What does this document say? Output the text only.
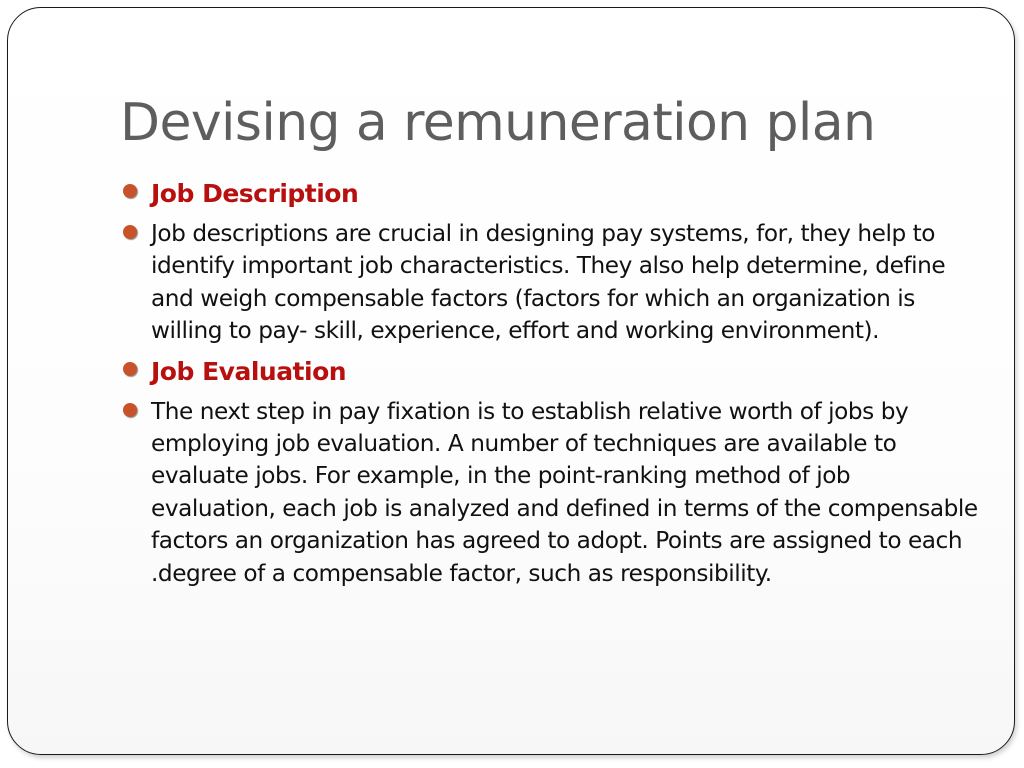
Devising a remuneration plan
Job Description
Job descriptions are crucial in designing pay systems, for, they help to identify important job characteristics. They also help determine, define and weigh compensable factors (factors for which an organization is willing to pay- skill, experience, effort and working environment).
Job Evaluation
The next step in pay fixation is to establish relative worth of jobs by employing job evaluation. A number of techniques are available to evaluate jobs. For example, in the point-ranking method of job evaluation, each job is analyzed and defined in terms of the compensable factors an organization has agreed to adopt. Points are assigned to each .degree of a compensable factor, such as responsibility.
